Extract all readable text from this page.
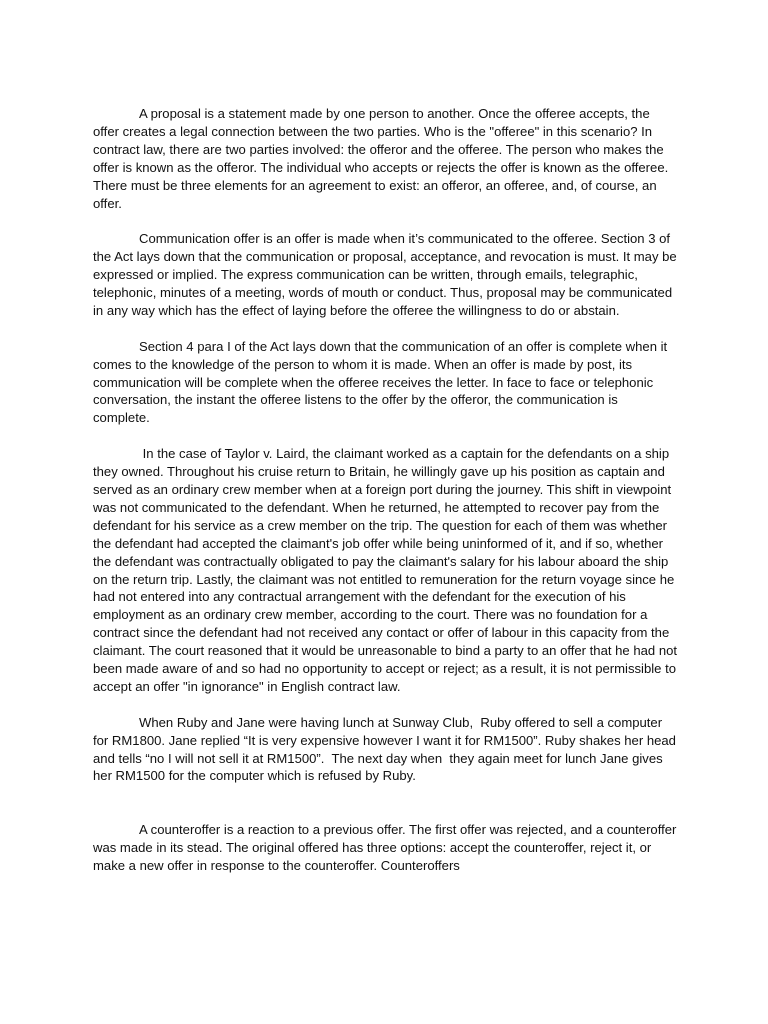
A proposal is a statement made by one person to another. Once the offeree accepts, the offer creates a legal connection between the two parties. Who is the "offeree" in this scenario? In contract law, there are two parties involved: the offeror and the offeree. The person who makes the offer is known as the offeror. The individual who accepts or rejects the offer is known as the offeree. There must be three elements for an agreement to exist: an offeror, an offeree, and, of course, an offer.

Communication offer is an offer is made when it’s communicated to the offeree. Section 3 of the Act lays down that the communication or proposal, acceptance, and revocation is must. It may be expressed or implied. The express communication can be written, through emails, telegraphic, telephonic, minutes of a meeting, words of mouth or conduct. Thus, proposal may be communicated in any way which has the effect of laying before the offeree the willingness to do or abstain.

Section 4 para I of the Act lays down that the communication of an offer is complete when it comes to the knowledge of the person to whom it is made. When an offer is made by post, its communication will be complete when the offeree receives the letter. In face to face or telephonic conversation, the instant the offeree listens to the offer by the offeror, the communication is complete.

In the case of Taylor v. Laird, the claimant worked as a captain for the defendants on a ship they owned. Throughout his cruise return to Britain, he willingly gave up his position as captain and served as an ordinary crew member when at a foreign port during the journey. This shift in viewpoint was not communicated to the defendant. When he returned, he attempted to recover pay from the defendant for his service as a crew member on the trip. The question for each of them was whether the defendant had accepted the claimant's job offer while being uninformed of it, and if so, whether the defendant was contractually obligated to pay the claimant's salary for his labour aboard the ship on the return trip. Lastly, the claimant was not entitled to remuneration for the return voyage since he had not entered into any contractual arrangement with the defendant for the execution of his employment as an ordinary crew member, according to the court. There was no foundation for a contract since the defendant had not received any contact or offer of labour in this capacity from the claimant. The court reasoned that it would be unreasonable to bind a party to an offer that he had not been made aware of and so had no opportunity to accept or reject; as a result, it is not permissible to accept an offer "in ignorance" in English contract law.

When Ruby and Jane were having lunch at Sunway Club,  Ruby offered to sell a computer for RM1800. Jane replied “It is very expensive however I want it for RM1500”. Ruby shakes her head and tells “no I will not sell it at RM1500”.  The next day when  they again meet for lunch Jane gives her RM1500 for the computer which is refused by Ruby.

A counteroffer is a reaction to a previous offer. The first offer was rejected, and a counteroffer was made in its stead. The original offered has three options: accept the counteroffer, reject it, or make a new offer in response to the counteroffer. Counteroffers
